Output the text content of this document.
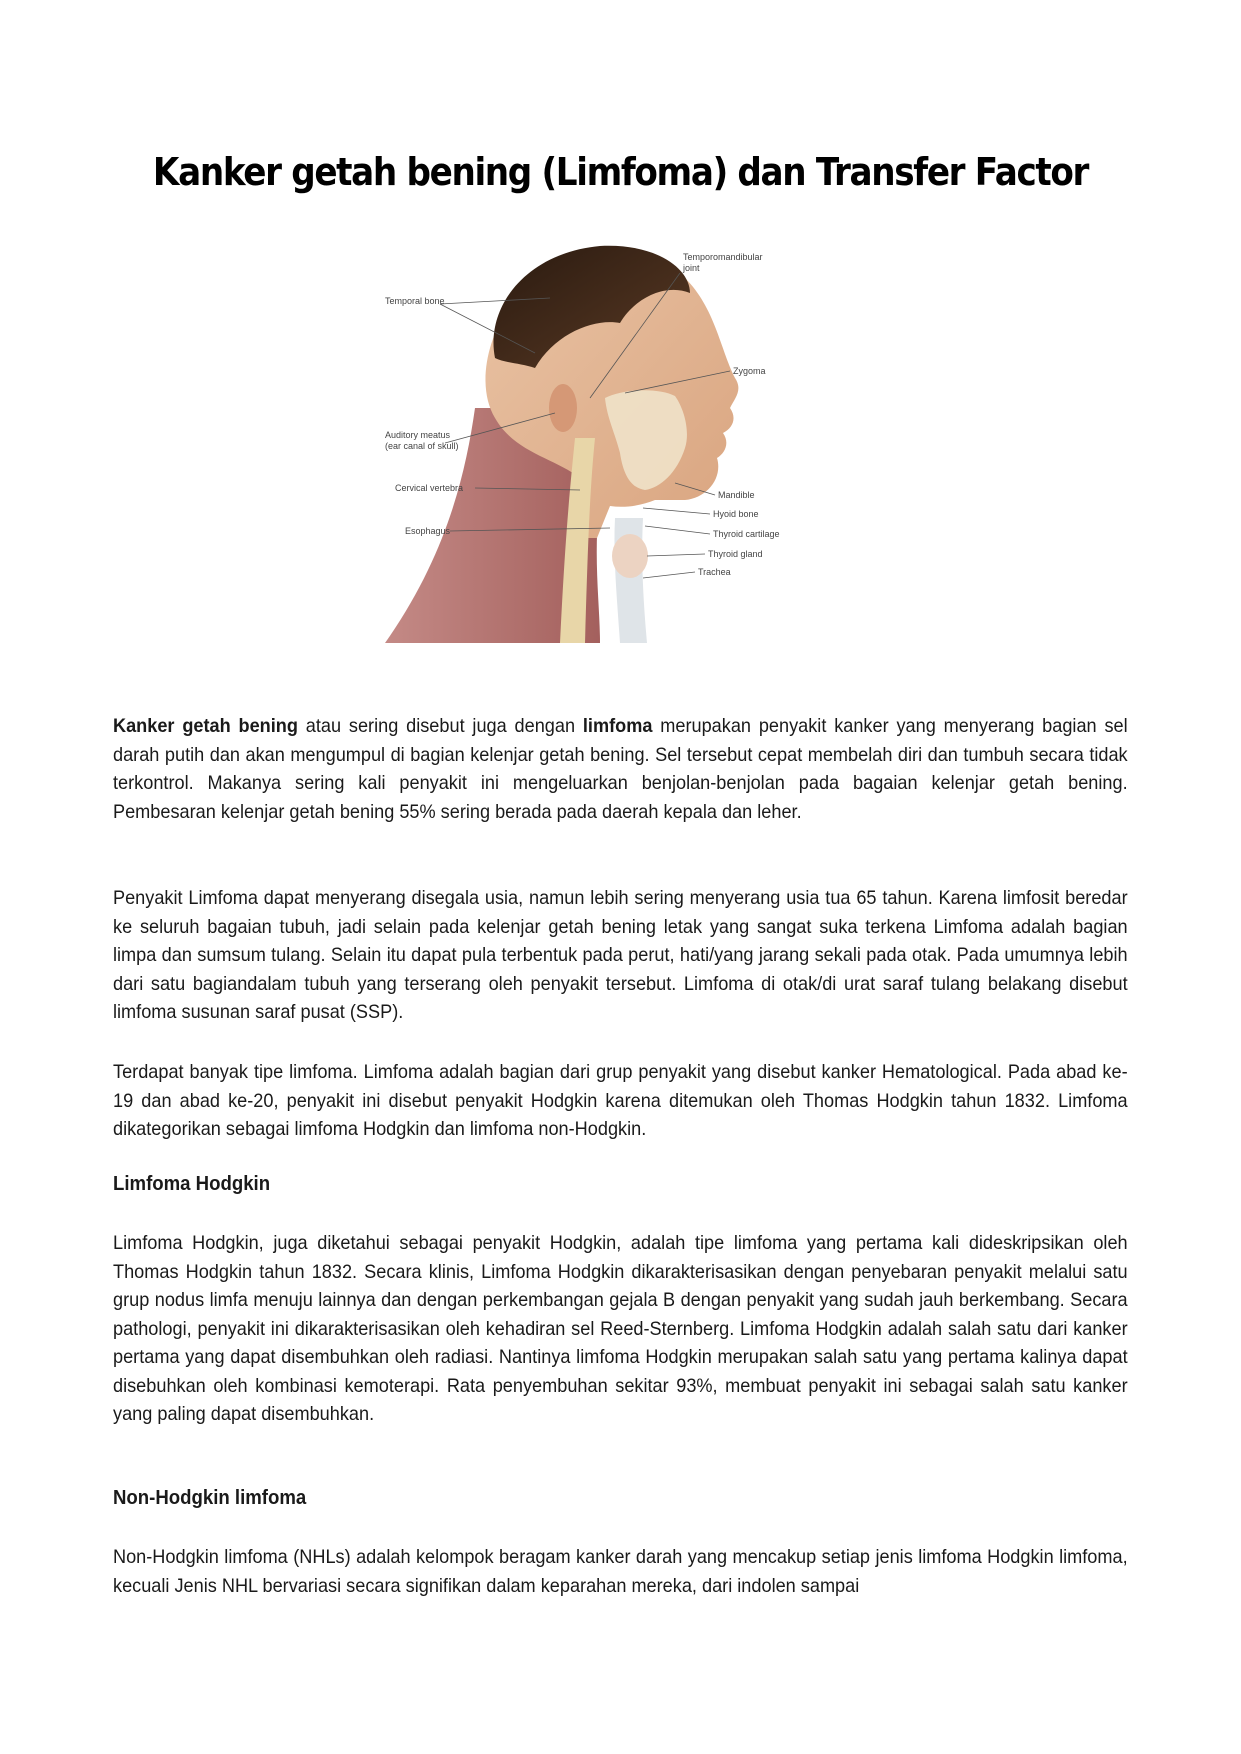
Kanker getah bening (Limfoma) dan Transfer Factor
Temporal bone
Temporomandibular
joint
Zygoma
Auditory meatus
(ear canal of skull)
Cervical vertebra
Mandible
Hyoid bone
Esophagus	Thyroid cartilage
Thyroid gland
Trachea

Kanker getah bening atau sering disebut juga dengan limfoma merupakan penyakit kanker yang menyerang bagian sel darah putih dan akan mengumpul di bagian kelenjar getah bening. Sel tersebut cepat membelah diri dan tumbuh secara tidak terkontrol. Makanya sering kali penyakit ini mengeluarkan benjolan-benjolan pada bagaian kelenjar getah bening. Pembesaran kelenjar getah bening 55% sering berada pada daerah kepala dan leher.

Penyakit Limfoma dapat menyerang disegala usia, namun lebih sering menyerang usia tua 65 tahun. Karena limfosit beredar ke seluruh bagaian tubuh, jadi selain pada kelenjar getah bening letak yang sangat suka terkena Limfoma adalah bagian limpa dan sumsum tulang. Selain itu dapat pula terbentuk pada perut, hati/yang jarang sekali pada otak. Pada umumnya lebih dari satu bagiandalam tubuh yang terserang oleh penyakit tersebut. Limfoma di otak/di urat saraf tulang belakang disebut limfoma susunan saraf pusat (SSP).

Terdapat banyak tipe limfoma. Limfoma adalah bagian dari grup penyakit yang disebut kanker Hematological. Pada abad ke-19 dan abad ke-20, penyakit ini disebut penyakit Hodgkin karena ditemukan oleh Thomas Hodgkin tahun 1832. Limfoma dikategorikan sebagai limfoma Hodgkin dan limfoma non-Hodgkin.

Limfoma Hodgkin

Limfoma Hodgkin, juga diketahui sebagai penyakit Hodgkin, adalah tipe limfoma yang pertama kali dideskripsikan oleh Thomas Hodgkin tahun 1832. Secara klinis, Limfoma Hodgkin dikarakterisasikan dengan penyebaran penyakit melalui satu grup nodus limfa menuju lainnya dan dengan perkembangan gejala B dengan penyakit yang sudah jauh berkembang. Secara pathologi, penyakit ini dikarakterisasikan oleh kehadiran sel Reed-Sternberg. Limfoma Hodgkin adalah salah satu dari kanker pertama yang dapat disembuhkan oleh radiasi. Nantinya limfoma Hodgkin merupakan salah satu yang pertama kalinya dapat disebuhkan oleh kombinasi kemoterapi. Rata penyembuhan sekitar 93%, membuat penyakit ini sebagai salah satu kanker yang paling dapat disembuhkan.

Non-Hodgkin limfoma

Non-Hodgkin limfoma (NHLs) adalah kelompok beragam kanker darah yang mencakup setiap jenis limfoma Hodgkin limfoma, kecuali Jenis NHL bervariasi secara signifikan dalam keparahan mereka, dari indolen sampai
